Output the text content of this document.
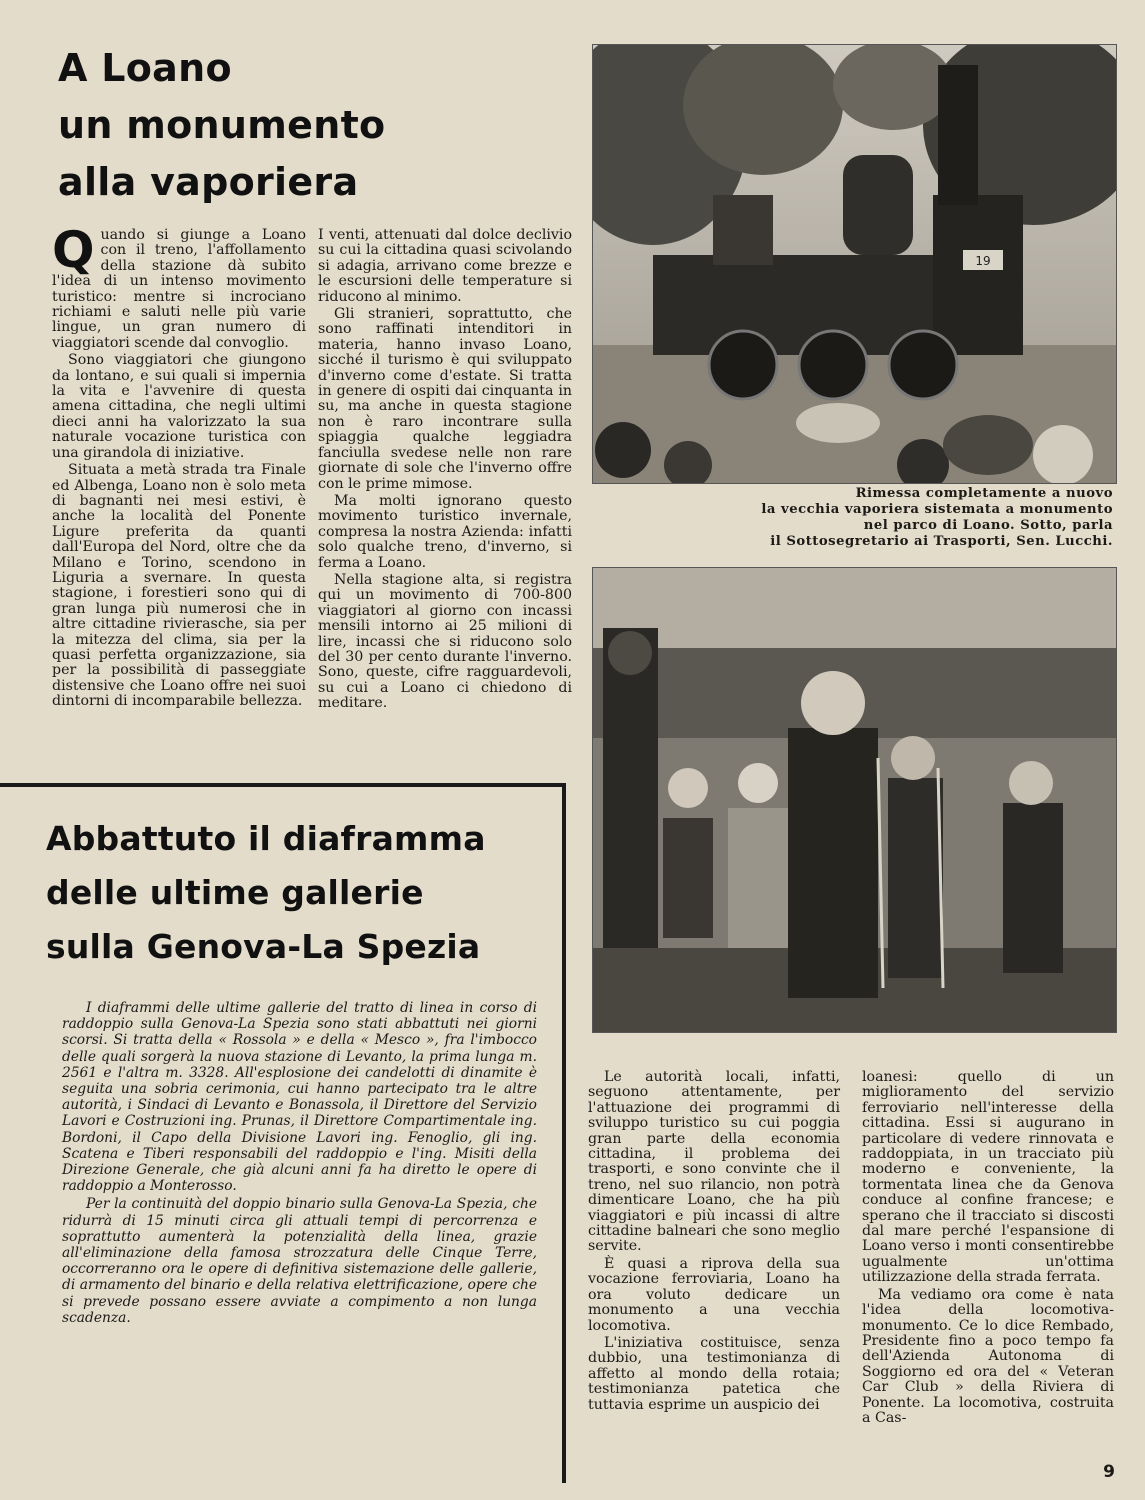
A Loano
un monumento
alla vaporiera

Quando si giunge a Loano con il treno, l'affollamento della stazione dà subito l'idea di un intenso movimento turistico: mentre si incrociano richiami e saluti nelle più varie lingue, un gran numero di viaggiatori scende dal convoglio.

Sono viaggiatori che giungono da lontano, e sui quali si impernia la vita e l'avvenire di questa amena cittadina, che negli ultimi dieci anni ha valorizzato la sua naturale vocazione turistica con una girandola di iniziative.

Situata a metà strada tra Finale ed Albenga, Loano non è solo meta di bagnanti nei mesi estivi, è anche la località del Ponente Ligure preferita da quanti dall'Europa del Nord, oltre che da Milano e Torino, scendono in Liguria a svernare. In questa stagione, i forestieri sono qui di gran lunga più numerosi che in altre cittadine rivierasche, sia per la mitezza del clima, sia per la quasi perfetta organizzazione, sia per la possibilità di passeggiate distensive che Loano offre nei suoi dintorni di incomparabile bellezza.

I venti, attenuati dal dolce declivio su cui la cittadina quasi scivolando si adagia, arrivano come brezze e le escursioni delle temperature si riducono al minimo.

Gli stranieri, soprattutto, che sono raffinati intenditori in materia, hanno invaso Loano, sicché il turismo è qui sviluppato d'inverno come d'estate. Si tratta in genere di ospiti dai cinquanta in su, ma anche in questa stagione non è raro incontrare sulla spiaggia qualche leggiadra fanciulla svedese nelle non rare giornate di sole che l'inverno offre con le prime mimose.

Ma molti ignorano questo movimento turistico invernale, compresa la nostra Azienda: infatti solo qualche treno, d'inverno, si ferma a Loano.

Nella stagione alta, si registra qui un movimento di 700-800 viaggiatori al giorno con incassi mensili intorno ai 25 milioni di lire, incassi che si riducono solo del 30 per cento durante l'inverno. Sono, queste, cifre ragguardevoli, su cui a Loano ci chiedono di meditare.

19
Rimessa completamente a nuovo
la vecchia vaporiera sistemata a monumento
nel parco di Loano. Sotto, parla
il Sottosegretario ai Trasporti, Sen. Lucchi.
Abbattuto il diaframma
delle ultime gallerie
sulla Genova-La Spezia

I diaframmi delle ultime gallerie del tratto di linea in corso di raddoppio sulla Genova-La Spezia sono stati abbattuti nei giorni scorsi. Si tratta della « Rossola » e della « Mesco », fra l'imbocco delle quali sorgerà la nuova stazione di Levanto, la prima lunga m. 2561 e l'altra m. 3328. All'esplosione dei candelotti di dinamite è seguita una sobria cerimonia, cui hanno partecipato tra le altre autorità, i Sindaci di Levanto e Bonassola, il Direttore del Servizio Lavori e Costruzioni ing. Prunas, il Direttore Compartimentale ing. Bordoni, il Capo della Divisione Lavori ing. Fenoglio, gli ing. Scatena e Tiberi responsabili del raddoppio e l'ing. Misiti della Direzione Generale, che già alcuni anni fa ha diretto le opere di raddoppio a Monterosso.

Per la continuità del doppio binario sulla Genova-La Spezia, che ridurrà di 15 minuti circa gli attuali tempi di percorrenza e soprattutto aumenterà la potenzialità della linea, grazie all'eliminazione della famosa strozzatura delle Cinque Terre, occorreranno ora le opere di definitiva sistemazione delle gallerie, di armamento del binario e della relativa elettrificazione, opere che si prevede possano essere avviate a compimento a non lunga scadenza.

Le autorità locali, infatti, seguono attentamente, per l'attuazione dei programmi di sviluppo turistico su cui poggia gran parte della economia cittadina, il problema dei trasporti, e sono convinte che il treno, nel suo rilancio, non potrà dimenticare Loano, che ha più viaggiatori e più incassi di altre cittadine balneari che sono meglio servite.

È quasi a riprova della sua vocazione ferroviaria, Loano ha ora voluto dedicare un monumento a una vecchia locomotiva.

L'iniziativa costituisce, senza dubbio, una testimonianza di affetto al mondo della rotaia; testimonianza patetica che tuttavia esprime un auspicio dei

loanesi: quello di un miglioramento del servizio ferroviario nell'interesse della cittadina. Essi si augurano in particolare di vedere rinnovata e raddoppiata, in un tracciato più moderno e conveniente, la tormentata linea che da Genova conduce al confine francese; e sperano che il tracciato si discosti dal mare perché l'espansione di Loano verso i monti consentirebbe ugualmente un'ottima utilizzazione della strada ferrata.

Ma vediamo ora come è nata l'idea della locomotiva-monumento. Ce lo dice Rembado, Presidente fino a poco tempo fa dell'Azienda Autonoma di Soggiorno ed ora del « Veteran Car Club » della Riviera di Ponente. La locomotiva, costruita a Cas-

9
